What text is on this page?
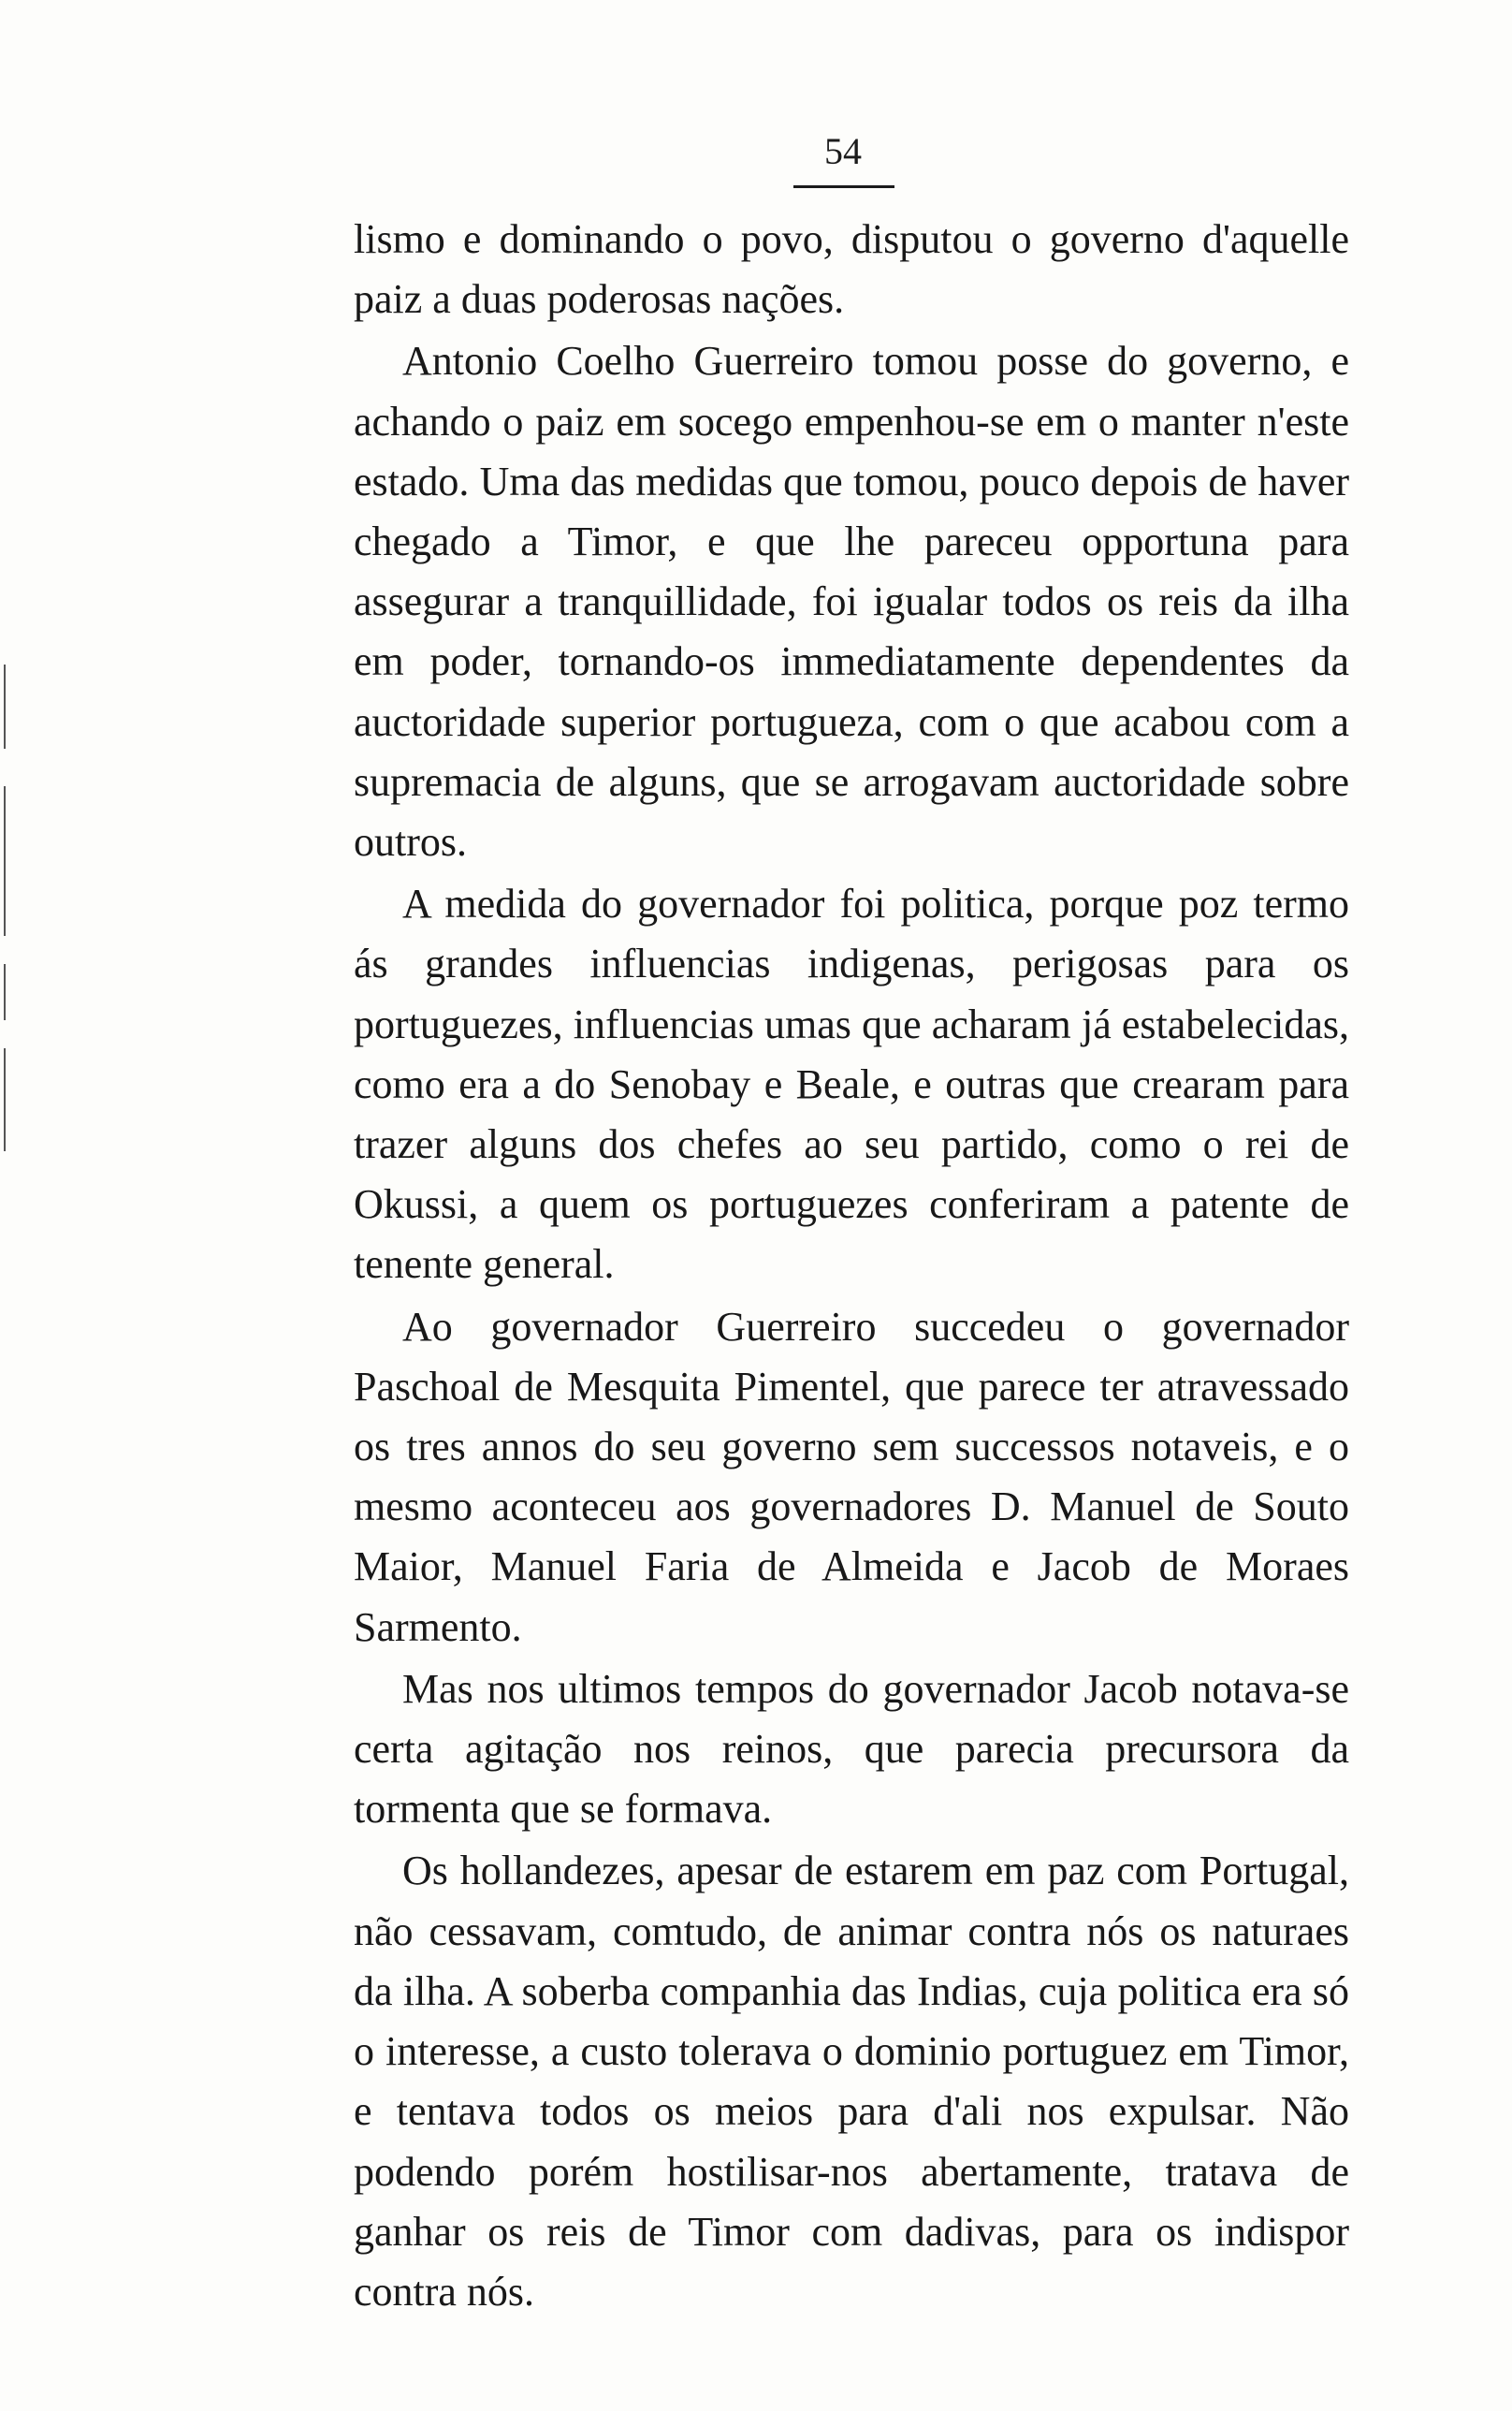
54

lismo e dominando o povo, disputou o governo d'aquelle paiz a duas poderosas nações.

Antonio Coelho Guerreiro tomou posse do governo, e achando o paiz em socego empenhou-se em o manter n'este estado. Uma das medidas que tomou, pouco depois de haver chegado a Timor, e que lhe pareceu opportuna para assegurar a tranquillidade, foi igualar todos os reis da ilha em poder, tornando-os immediatamente dependentes da auctoridade superior portugueza, com o que acabou com a supremacia de alguns, que se arrogavam auctoridade sobre outros.

A medida do governador foi politica, porque poz termo ás grandes influencias indigenas, perigosas para os portuguezes, influencias umas que acharam já estabelecidas, como era a do Senobay e Beale, e outras que crearam para trazer alguns dos chefes ao seu partido, como o rei de Okussi, a quem os portuguezes conferiram a patente de tenente general.

Ao governador Guerreiro succedeu o governador Paschoal de Mesquita Pimentel, que parece ter atravessado os tres annos do seu governo sem successos notaveis, e o mesmo aconteceu aos governadores D. Manuel de Souto Maior, Manuel Faria de Almeida e Jacob de Moraes Sarmento.

Mas nos ultimos tempos do governador Jacob notava-se certa agitação nos reinos, que parecia precursora da tormenta que se formava.

Os hollandezes, apesar de estarem em paz com Portugal, não cessavam, comtudo, de animar contra nós os naturaes da ilha. A soberba companhia das Indias, cuja politica era só o interesse, a custo tolerava o dominio portuguez em Timor, e tentava todos os meios para d'ali nos expulsar. Não podendo porém hostilisar-nos abertamente, tratava de ganhar os reis de Timor com dadivas, para os indispor contra nós.
